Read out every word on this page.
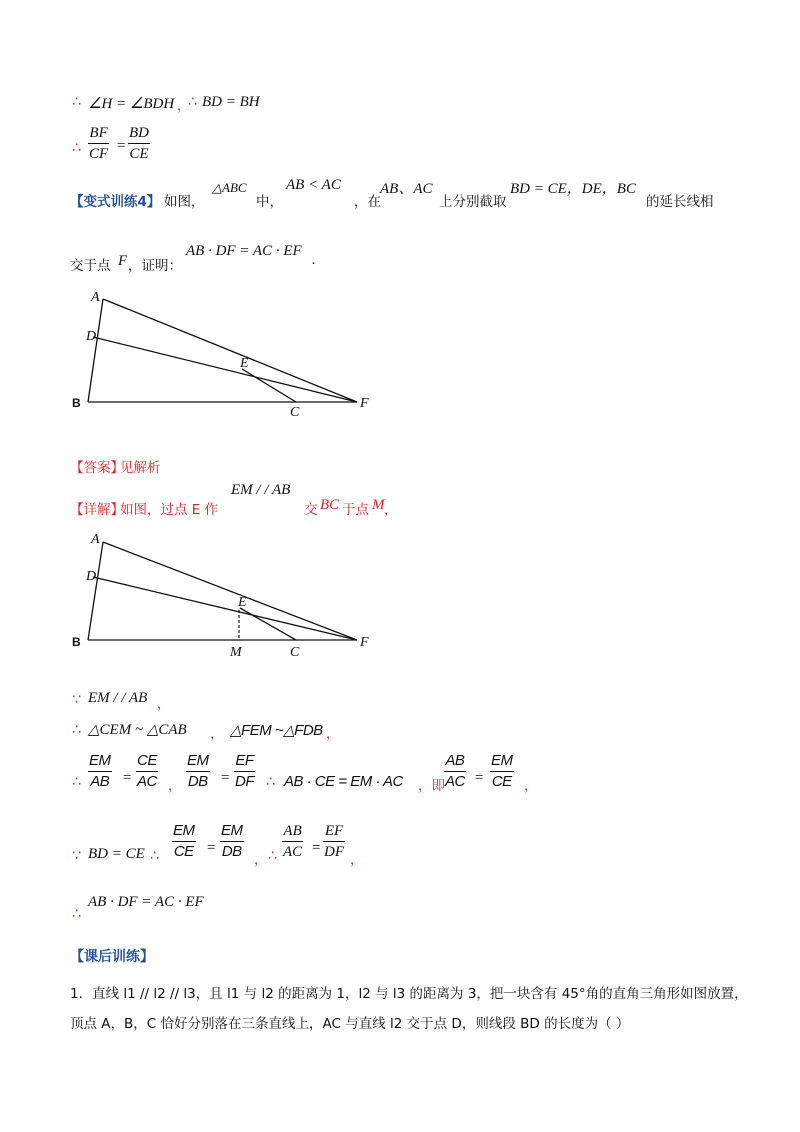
∴ ∠H = ∠BDH ，
∴ BD = BH
∴
BF
CF =
BD
CE
【变式训练4】 如图，
△ABC
中，
AB < AC
，在
AB、AC
上分别截取
BD = CE，DE，BC
的延长线相
交于点 F ，证明：
AB · DF = AC · EF
.
A
D
E
B
C
F
【答案】
见解析
【详解】
如图，过点 E 作
EM / / AB
交 BC 于点 M ，
A
D
E
B
M	C
F
∵ EM / / AB ，
∴ △CEM ~ △CAB ， △FEM ~△FDB ，
∴
EM
AB =
CE
AC ，
EM
DB =
EF
DF ∴ AB · CE = EM · AC ，即
AB
AC =
EM
CE ，
∵ BD = CE ∴
EM
CE =
EM
DB ， ∴
AB
AC =
EF
DF ，
AB · DF = AC · EF
∴
【课后训练】
1．直线 l1 // l2 // l3，且 l1 与 l2 的距离为 1，l2 与 l3 的距离为 3，把一块含有 45°角的直角三角形如图放置，
顶点 A，B，C 恰好分别落在三条直线上，AC 与直线 l2 交于点 D，则线段 BD 的长度为（ ）
